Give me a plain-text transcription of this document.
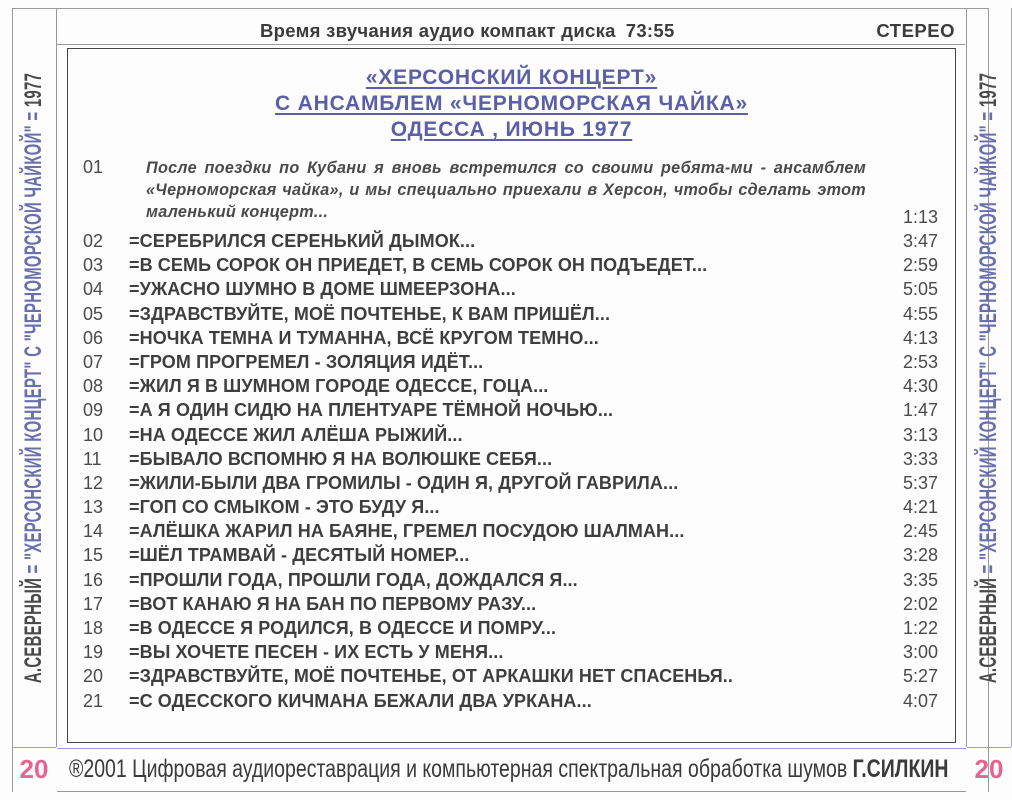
А.СЕВЕРНЫЙ = "ХЕРСОНСКИЙ КОНЦЕРТ" С "ЧЕРНОМОРСКОЙ ЧАЙКОЙ" = 1977
20
А.СЕВЕРНЫЙ = "ХЕРСОНСКИЙ КОНЦЕРТ" С "ЧЕРНОМОРСКОЙ ЧАЙКОЙ" = 1977
20
Время звучания аудио компакт диска 73:55	СТЕРЕО
«ХЕРСОНСКИЙ КОНЦЕРТ»
С АНСАМБЛЕМ «ЧЕРНОМОРСКАЯ ЧАЙКА»
ОДЕССА , ИЮНЬ 1977
01	После поездки по Кубани я вновь встретился со своими ребята-ми - ансамблем «Черноморская чайка», и мы специально приехали в Херсон, чтобы сделать этот маленький концерт...	1:13
02	=СЕРЕБРИЛСЯ СЕРЕНЬКИЙ ДЫМОК...	3:47
03	=В СЕМЬ СОРОК ОН ПРИЕДЕТ, В СЕМЬ СОРОК ОН ПОДЪЕДЕТ...	2:59
04	=УЖАСНО ШУМНО В ДОМЕ ШМЕЕРЗОНА...	5:05
05	=ЗДРАВСТВУЙТЕ, МОЁ ПОЧТЕНЬЕ, К ВАМ ПРИШЁЛ...	4:55
06	=НОЧКА ТЕМНА И ТУМАННА, ВСЁ КРУГОМ ТЕМНО...	4:13
07	=ГРОМ ПРОГРЕМЕЛ - ЗОЛЯЦИЯ ИДЁТ...	2:53
08	=ЖИЛ Я В ШУМНОМ ГОРОДЕ ОДЕССЕ, ГОЦА...	4:30
09	=А Я ОДИН СИДЮ НА ПЛЕНТУАРЕ ТЁМНОЙ НОЧЬЮ...	1:47
10	=НА ОДЕССЕ ЖИЛ АЛЁША РЫЖИЙ...	3:13
11	=БЫВАЛО ВСПОМНЮ Я НА ВОЛЮШКЕ СЕБЯ...	3:33
12	=ЖИЛИ-БЫЛИ ДВА ГРОМИЛЫ - ОДИН Я, ДРУГОЙ ГАВРИЛА...	5:37
13	=ГОП СО СМЫКОМ - ЭТО БУДУ Я...	4:21
14	=АЛЁШКА ЖАРИЛ НА БАЯНЕ, ГРЕМЕЛ ПОСУДОЮ ШАЛМАН...	2:45
15	=ШЁЛ ТРАМВАЙ - ДЕСЯТЫЙ НОМЕР...	3:28
16	=ПРОШЛИ ГОДА, ПРОШЛИ ГОДА, ДОЖДАЛСЯ Я...	3:35
17	=ВОТ КАНАЮ Я НА БАН ПО ПЕРВОМУ РАЗУ...	2:02
18	=В ОДЕССЕ Я РОДИЛСЯ, В ОДЕССЕ И ПОМРУ...	1:22
19	=ВЫ ХОЧЕТЕ ПЕСЕН - ИХ ЕСТЬ У МЕНЯ...	3:00
20	=ЗДРАВСТВУЙТЕ, МОЁ ПОЧТЕНЬЕ, ОТ АРКАШКИ НЕТ СПАСЕНЬЯ..	5:27
21	=С ОДЕССКОГО КИЧМАНА БЕЖАЛИ ДВА УРКАНА...	4:07
®2001 Цифровая аудиореставрация и компьютерная спектральная обработка шумов Г.СИЛКИН
